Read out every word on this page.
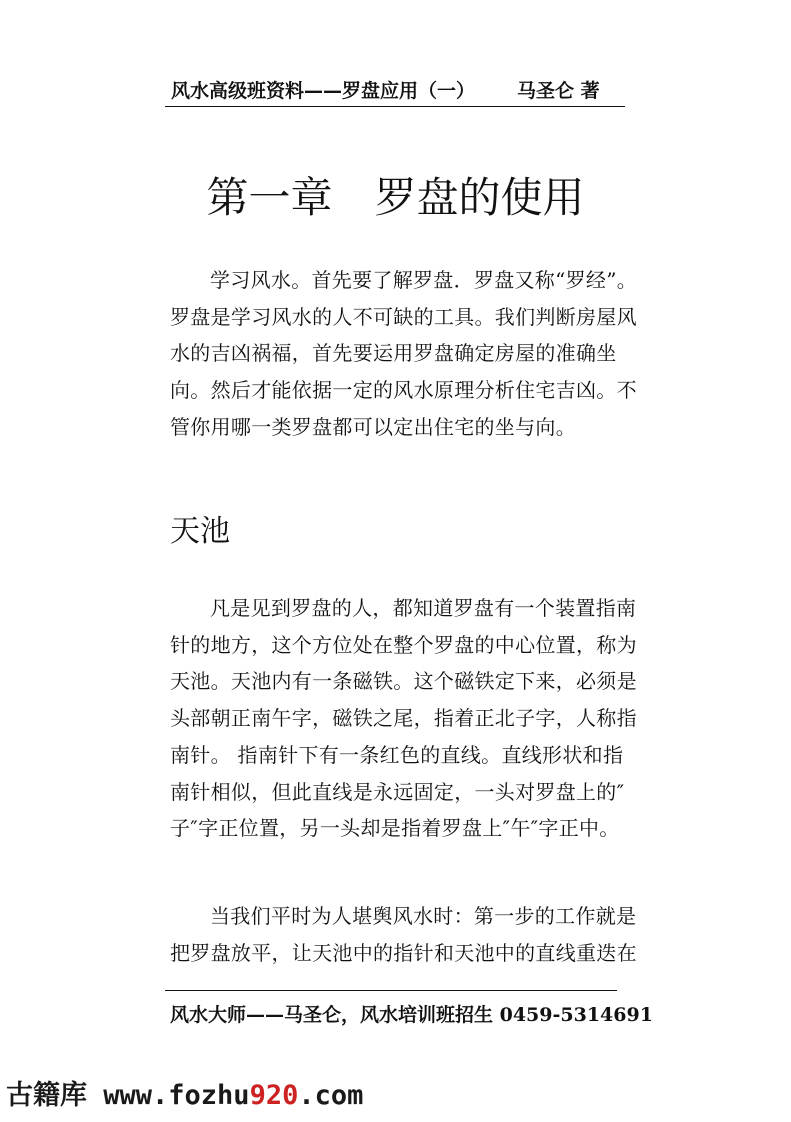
风水高级班资料——罗盘应用（一） 马圣仑 著
第一章　罗盘的使用

学习风水。首先要了解罗盘．罗盘又称“罗经”。
罗盘是学习风水的人不可缺的工具。我们判断房屋风
水的吉凶祸福，首先要运用罗盘确定房屋的准确坐
向。然后才能依据一定的风水原理分析住宅吉凶。不
管你用哪一类罗盘都可以定出住宅的坐与向。

天池

凡是见到罗盘的人，都知道罗盘有一个装置指南
针的地方，这个方位处在整个罗盘的中心位置，称为
天池。天池内有一条磁铁。这个磁铁定下来，必须是
头部朝正南午字，磁铁之尾，指着正北子字，人称指
南针。 指南针下有一条红色的直线。直线形状和指
南针相似，但此直线是永远固定，一头对罗盘上的″
子″字正位置，另一头却是指着罗盘上″午″字正中。

当我们平时为人堪舆风水时：第一步的工作就是
把罗盘放平，让天池中的指针和天池中的直线重迭在

风水大师——马圣仑，风水培训班招生 0459-5314691
古籍库 www.fozhu920.com
